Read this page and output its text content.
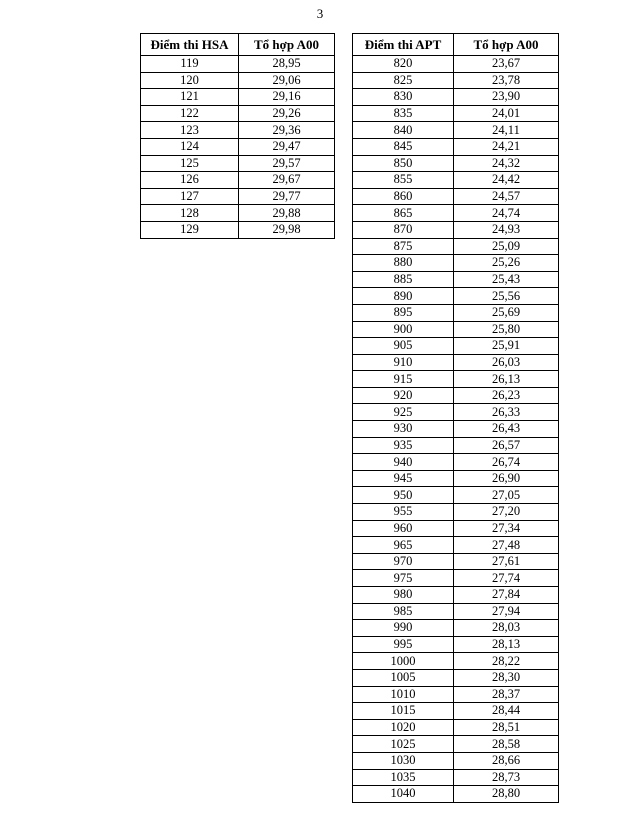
3
Điểm thi HSA	Tổ hợp A00
119	28,95
120	29,06
121	29,16
122	29,26
123	29,36
124	29,47
125	29,57
126	29,67
127	29,77
128	29,88
129	29,98
Điểm thi APT	Tổ hợp A00
820	23,67
825	23,78
830	23,90
835	24,01
840	24,11
845	24,21
850	24,32
855	24,42
860	24,57
865	24,74
870	24,93
875	25,09
880	25,26
885	25,43
890	25,56
895	25,69
900	25,80
905	25,91
910	26,03
915	26,13
920	26,23
925	26,33
930	26,43
935	26,57
940	26,74
945	26,90
950	27,05
955	27,20
960	27,34
965	27,48
970	27,61
975	27,74
980	27,84
985	27,94
990	28,03
995	28,13
1000	28,22
1005	28,30
1010	28,37
1015	28,44
1020	28,51
1025	28,58
1030	28,66
1035	28,73
1040	28,80
